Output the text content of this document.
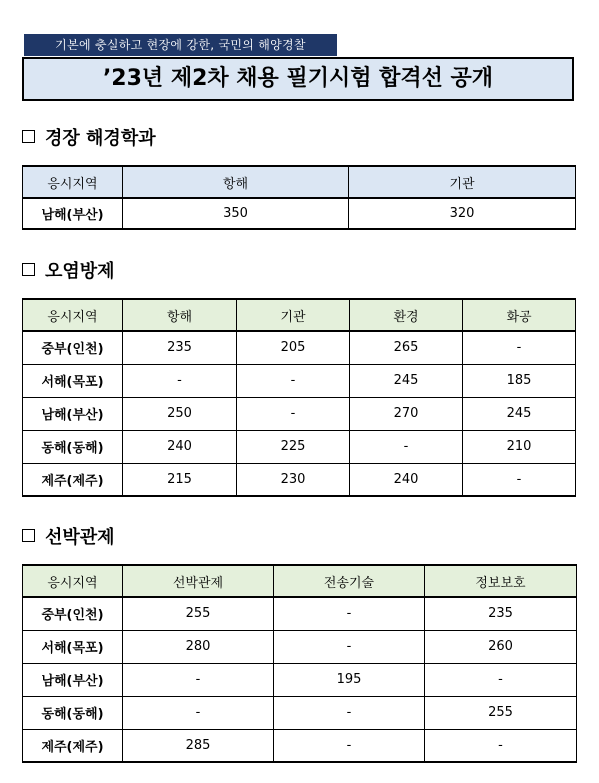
기본에 충실하고 현장에 강한, 국민의 해양경찰
’23년 제2차 채용 필기시험 합격선 공개
경장 해경학과
응시지역	항해	기관
남해(부산)	350	320
오염방제
응시지역	항해	기관	환경	화공
중부(인천)	235	205	265	-
서해(목포)	-	-	245	185
남해(부산)	250	-	270	245
동해(동해)	240	225	-	210
제주(제주)	215	230	240	-
선박관제
응시지역	선박관제	전송기술	정보보호
중부(인천)	255	-	235
서해(목포)	280	-	260
남해(부산)	-	195	-
동해(동해)	-	-	255
제주(제주)	285	-	-
